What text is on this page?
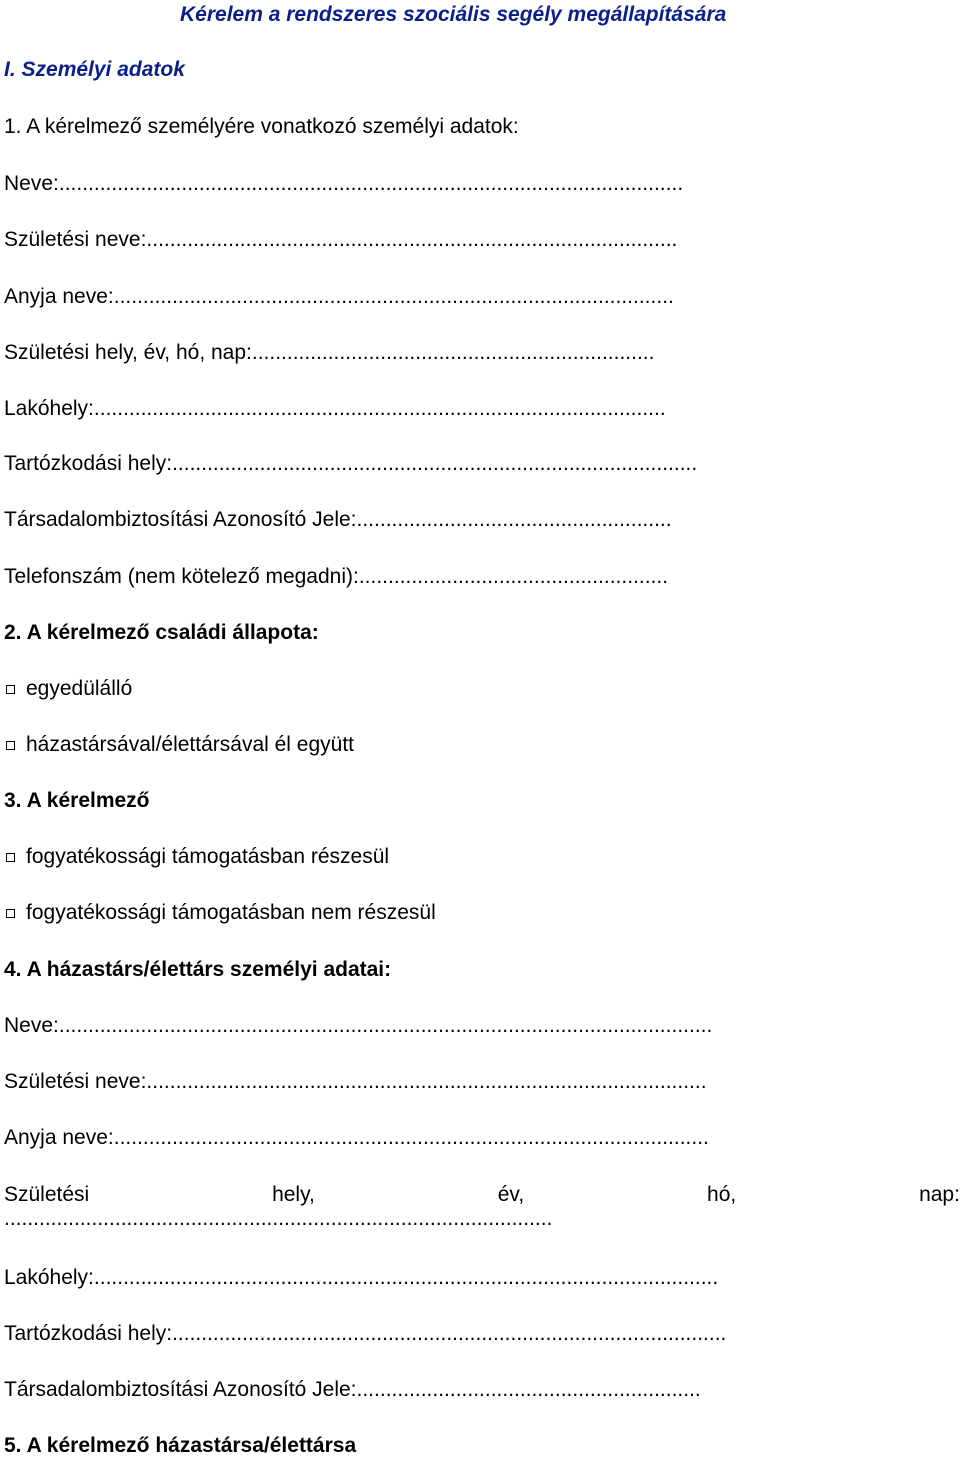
Kérelem a rendszeres szociális segély megállapítására
I. Személyi adatok
1. A kérelmező személyére vonatkozó személyi adatok:
Neve: ...........................................................................................................
Születési neve: ...........................................................................................
Anyja neve: ................................................................................................
Születési hely, év, hó, nap: .....................................................................
Lakóhely: ..................................................................................................
Tartózkodási hely: ..........................................................................................
Társadalombiztosítási Azonosító Jele: ......................................................
Telefonszám (nem kötelező megadni): .....................................................
2. A kérelmező családi állapota:
egyedülálló
házastársával/élettársával él együtt
3. A kérelmező
fogyatékossági támogatásban részesül
fogyatékossági támogatásban nem részesül
4. A házastárs/élettárs személyi adatai:
Neve: ................................................................................................................
Születési neve: ................................................................................................
Anyja neve: ......................................................................................................
Születési	hely,	év,	hó,	nap:
..............................................................................................
Lakóhely: ...........................................................................................................
Tartózkodási hely: ...............................................................................................
Társadalombiztosítási Azonosító Jele: ...........................................................
5. A kérelmező házastársa/élettársa
